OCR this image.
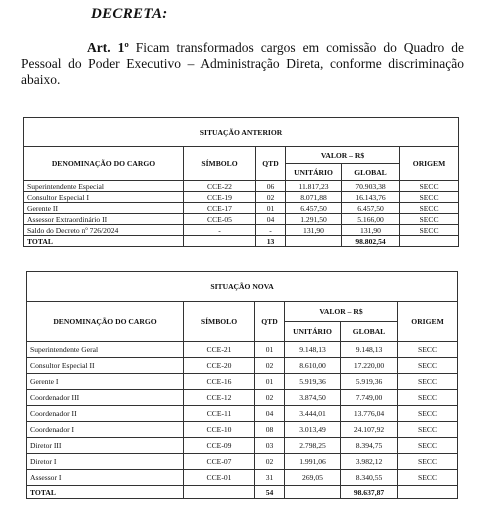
DECRETA:
Art. 1º Ficam transformados cargos em comissão do Quadro de Pessoal do Poder Executivo – Administração Direta, conforme discriminação abaixo.
SITUAÇÃO ANTERIOR					
DENOMINAÇÃO DO CARGO	SÍMBOLO	QTD	VALOR – R$		ORIGEM
			UNITÁRIO	GLOBAL	
Superintendente Especial	CCE-22	06	11.817,23	70.903,38	SECC
Consultor Especial I	CCE-19	02	8.071,88	16.143,76	SECC
Gerente II	CCE-17	01	6.457,50	6.457,50	SECC
Assessor Extraordinário II	CCE-05	04	1.291,50	5.166,00	SECC
Saldo do Decreto nº 726/2024	-	-	131,90	131,90	SECC
TOTAL		13		98.802,54	
SITUAÇÃO NOVA					
DENOMINAÇÃO DO CARGO	SÍMBOLO	QTD	VALOR – R$		ORIGEM
			UNITÁRIO	GLOBAL	
Superintendente Geral	CCE-21	01	9.148,13	9.148,13	SECC
Consultor Especial II	CCE-20	02	8.610,00	17.220,00	SECC
Gerente I	CCE-16	01	5.919,36	5.919,36	SECC
Coordenador III	CCE-12	02	3.874,50	7.749,00	SECC
Coordenador II	CCE-11	04	3.444,01	13.776,04	SECC
Coordenador I	CCE-10	08	3.013,49	24.107,92	SECC
Diretor III	CCE-09	03	2.798,25	8.394,75	SECC
Diretor I	CCE-07	02	1.991,06	3.982,12	SECC
Assessor I	CCE-01	31	269,05	8.340,55	SECC
TOTAL		54		98.637,87	
